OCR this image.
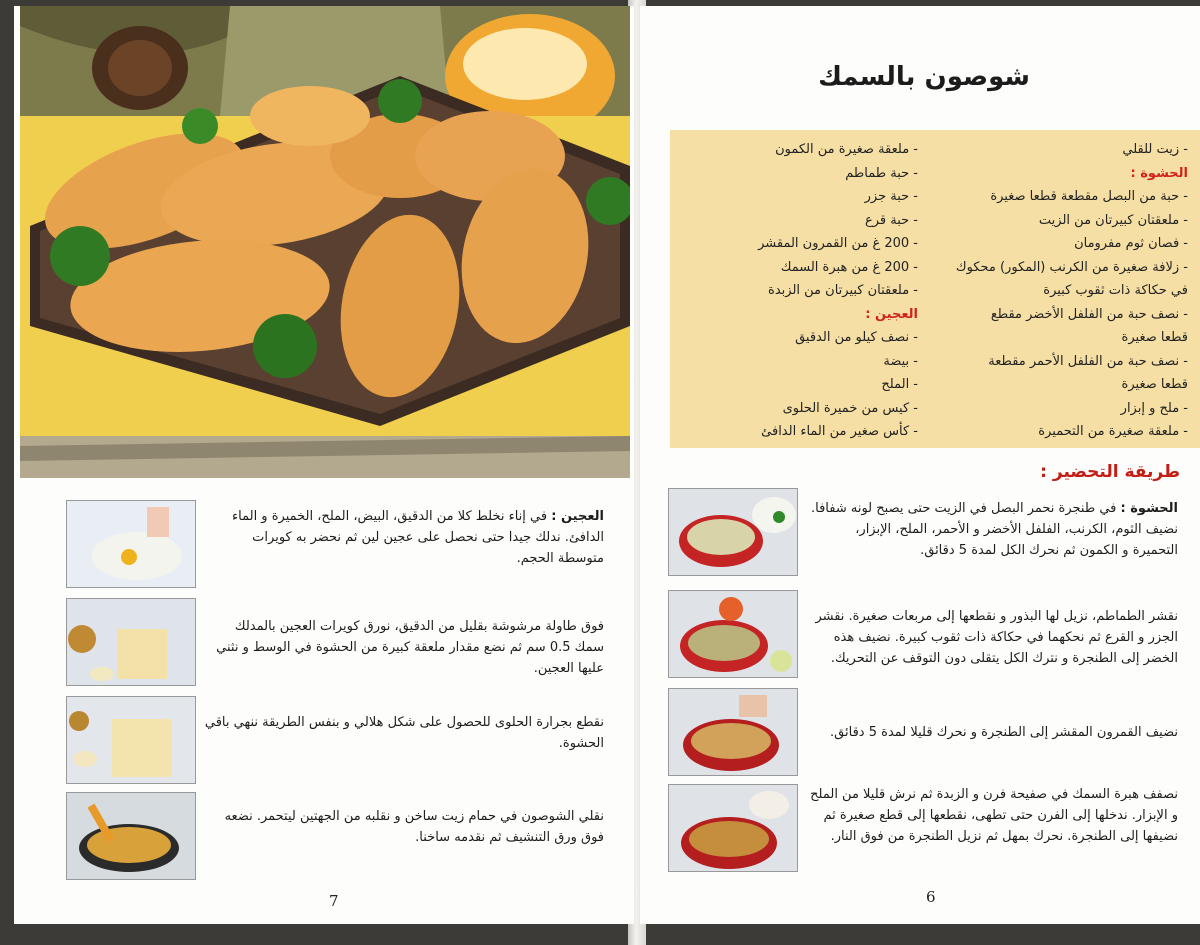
العجين : في إناء نخلط كلا من الدقيق، البيض، الملح، الخميرة و الماء الدافئ. ندلك جيدا حتى نحصل على عجين لين ثم نحضر به كويرات متوسطة الحجم.
فوق طاولة مرشوشة بقليل من الدقيق، نورق كويرات العجين بالمدلك سمك 0.5 سم ثم نضع مقدار ملعقة كبيرة من الحشوة في الوسط و نثني عليها العجين.
نقطع بجرارة الحلوى للحصول على شكل هلالي و بنفس الطريقة ننهي باقي الحشوة.
نقلي الشوصون في حمام زيت ساخن و نقلبه من الجهتين ليتحمر. نضعه فوق ورق التنشيف ثم نقدمه ساخنا.
7
شوصون بالسمك
- زيت للقلي
الحشوة :
- حبة من البصل مقطعة قطعا صغيرة
- ملعقتان كبيرتان من الزيت
- فصان ثوم مفرومان
- زلافة صغيرة من الكرنب (المكور) محكوك
في حكاكة ذات ثقوب كبيرة
- نصف حبة من الفلفل الأخضر مقطع
قطعا صغيرة
- نصف حبة من الفلفل الأحمر مقطعة
قطعا صغيرة
- ملح و إبزار
- ملعقة صغيرة من التحميرة
- ملعقة صغيرة من الكمون
- حبة طماطم
- حبة جزر
- حبة قرع
- 200 غ من القمرون المقشر
- 200 غ من هبرة السمك
- ملعقتان كبيرتان من الزبدة
العجين :
- نصف كيلو من الدقيق
- بيضة
- الملح
- كيس من خميرة الحلوى
- كأس صغير من الماء الدافئ
طريقة التحضير :
الحشوة : في طنجرة نحمر البصل في الزيت حتى يصبح لونه شفافا. نضيف الثوم، الكرنب، الفلفل الأخضر و الأحمر، الملح، الإبزار، التحميرة و الكمون ثم نحرك الكل لمدة 5 دقائق.
نقشر الطماطم، نزيل لها البذور و نقطعها إلى مربعات صغيرة. نقشر الجزر و القرع ثم نحكهما في حكاكة ذات ثقوب كبيرة. نضيف هذه الخضر إلى الطنجرة و نترك الكل يتقلى دون التوقف عن التحريك.
نضيف القمرون المقشر إلى الطنجرة و نحرك قليلا لمدة 5 دقائق.
نصفف هبرة السمك في صفيحة فرن و الزبدة ثم نرش قليلا من الملح و الإبزار. ندخلها إلى الفرن حتى تطهى، نقطعها إلى قطع صغيرة ثم نضيفها إلى الطنجرة. نحرك بمهل ثم نزيل الطنجرة من فوق النار.
6
